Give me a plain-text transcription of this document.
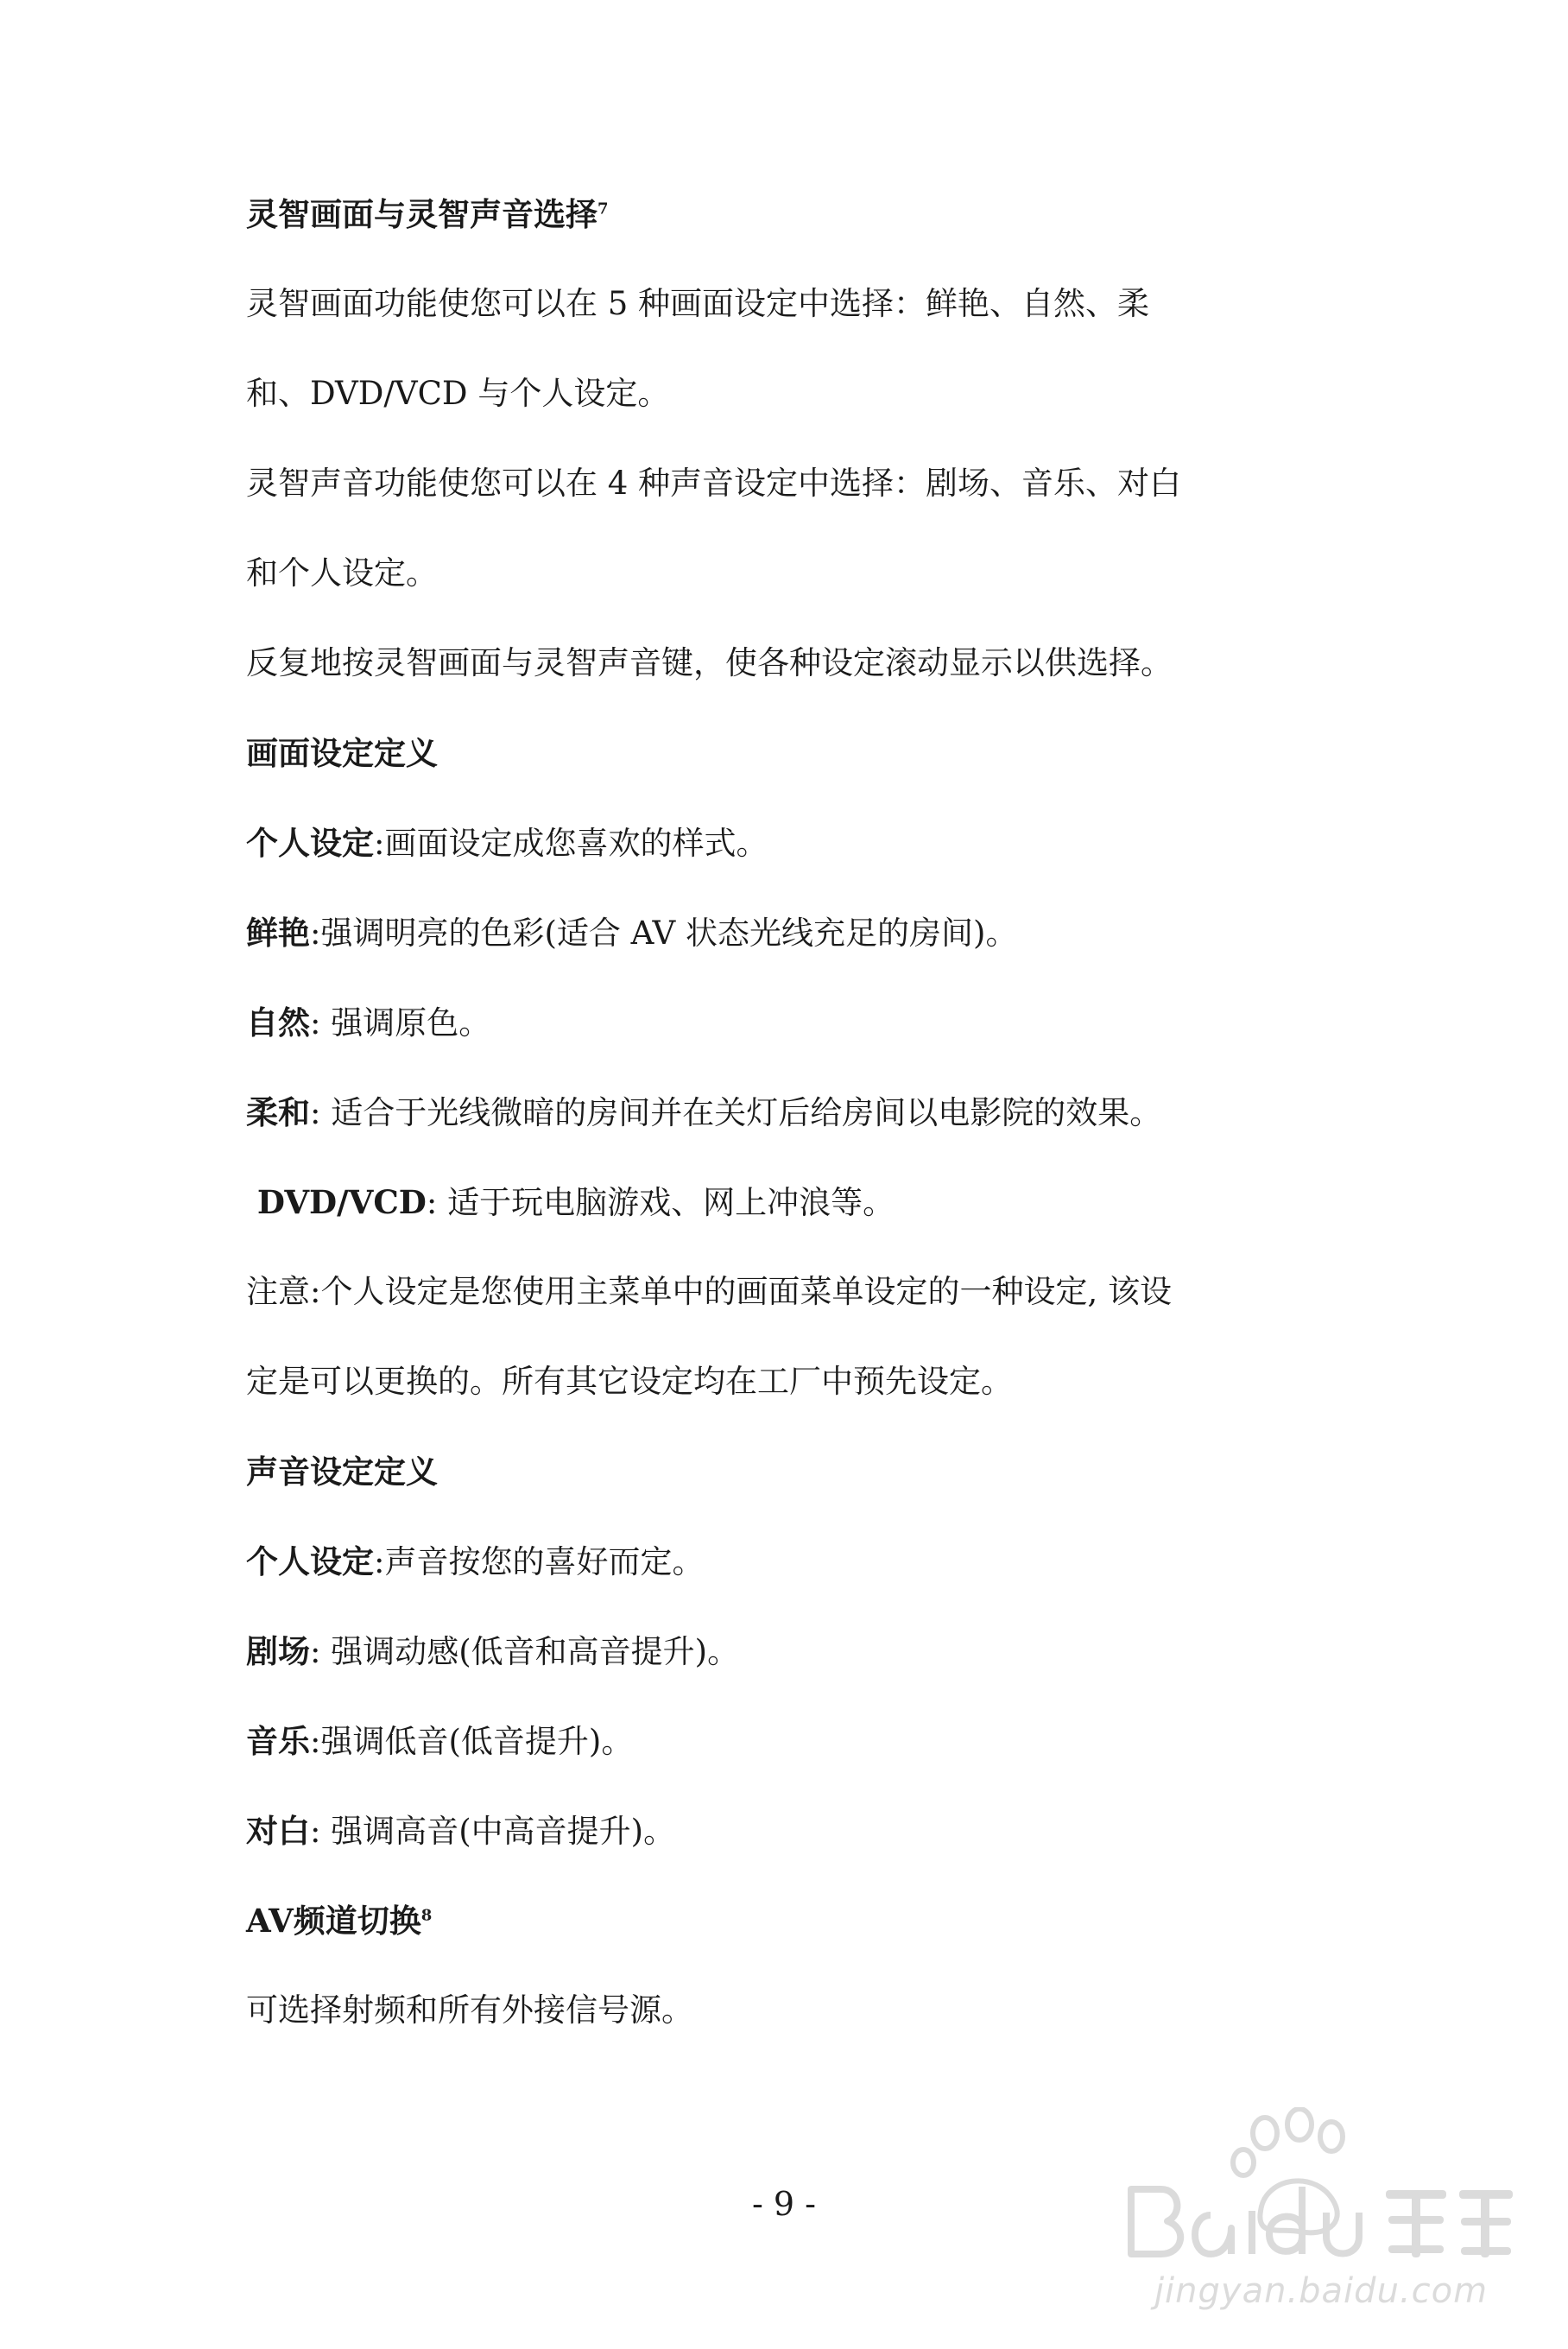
灵智画面与灵智声音选择$^7$
灵智画面功能使您可以在 5 种画面设定中选择：鲜艳、自然、柔
和、DVD/VCD 与个人设定。
灵智声音功能使您可以在 4 种声音设定中选择：剧场、音乐、对白
和个人设定。
反复地按灵智画面与灵智声音键，使各种设定滚动显示以供选择。
画面设定定义
个人设定:画面设定成您喜欢的样式。
鲜艳:强调明亮的色彩(适合 AV 状态光线充足的房间)。
自然: 强调原色。
柔和: 适合于光线微暗的房间并在关灯后给房间以电影院的效果。
DVD/VCD: 适于玩电脑游戏、网上冲浪等。
注意:个人设定是您使用主菜单中的画面菜单设定的一种设定, 该设
定是可以更换的。所有其它设定均在工厂中预先设定。
声音设定定义
个人设定:声音按您的喜好而定。
剧场: 强调动感(低音和高音提升)。
音乐:强调低音(低音提升)。
对白: 强调高音(中高音提升)。
AV频道切换$^8$
可选择射频和所有外接信号源。
- 9 -
jingyan.baidu.com
